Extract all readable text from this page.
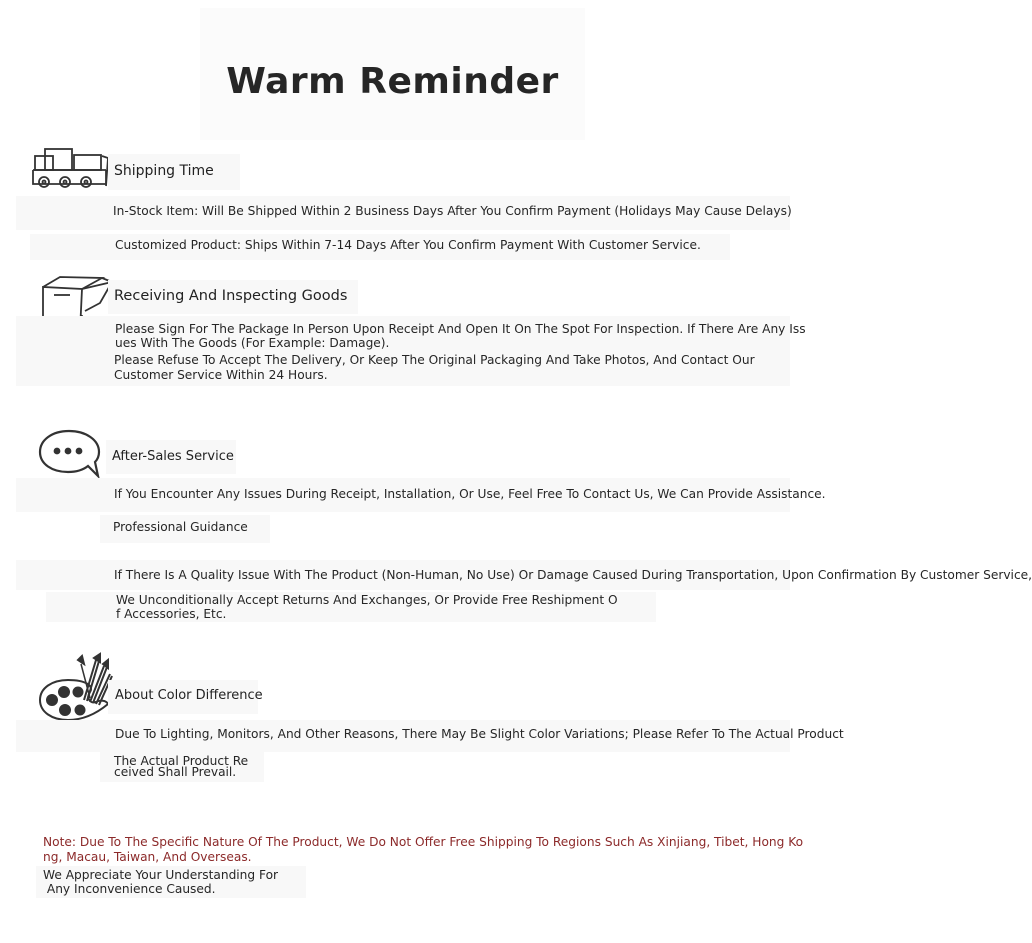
Warm Reminder
Shipping Time
In-Stock Item: Will Be Shipped Within 2 Business Days After You Confirm Payment (Holidays May Cause Delays)
Customized Product: Ships Within 7-14 Days After You Confirm Payment With Customer Service.
Receiving And Inspecting Goods
Please Sign For The Package In Person Upon Receipt And Open It On The Spot For Inspection. If There Are Any Iss
ues With The Goods (For Example: Damage).
Please Refuse To Accept The Delivery, Or Keep The Original Packaging And Take Photos, And Contact Our
Customer Service Within 24 Hours.
After-Sales Service
If You Encounter Any Issues During Receipt, Installation, Or Use, Feel Free To Contact Us, We Can Provide Assistance.
Professional Guidance
If There Is A Quality Issue With The Product (Non-Human, No Use) Or Damage Caused During Transportation, Upon Confirmation By Customer Service,
We Unconditionally Accept Returns And Exchanges, Or Provide Free Reshipment O
f Accessories, Etc.
About Color Difference
Due To Lighting, Monitors, And Other Reasons, There May Be Slight Color Variations; Please Refer To The Actual Product
The Actual Product Re
ceived Shall Prevail.
Note: Due To The Specific Nature Of The Product, We Do Not Offer Free Shipping To Regions Such As Xinjiang, Tibet, Hong Ko
ng, Macau, Taiwan, And Overseas.
We Appreciate Your Understanding For
Any Inconvenience Caused.
